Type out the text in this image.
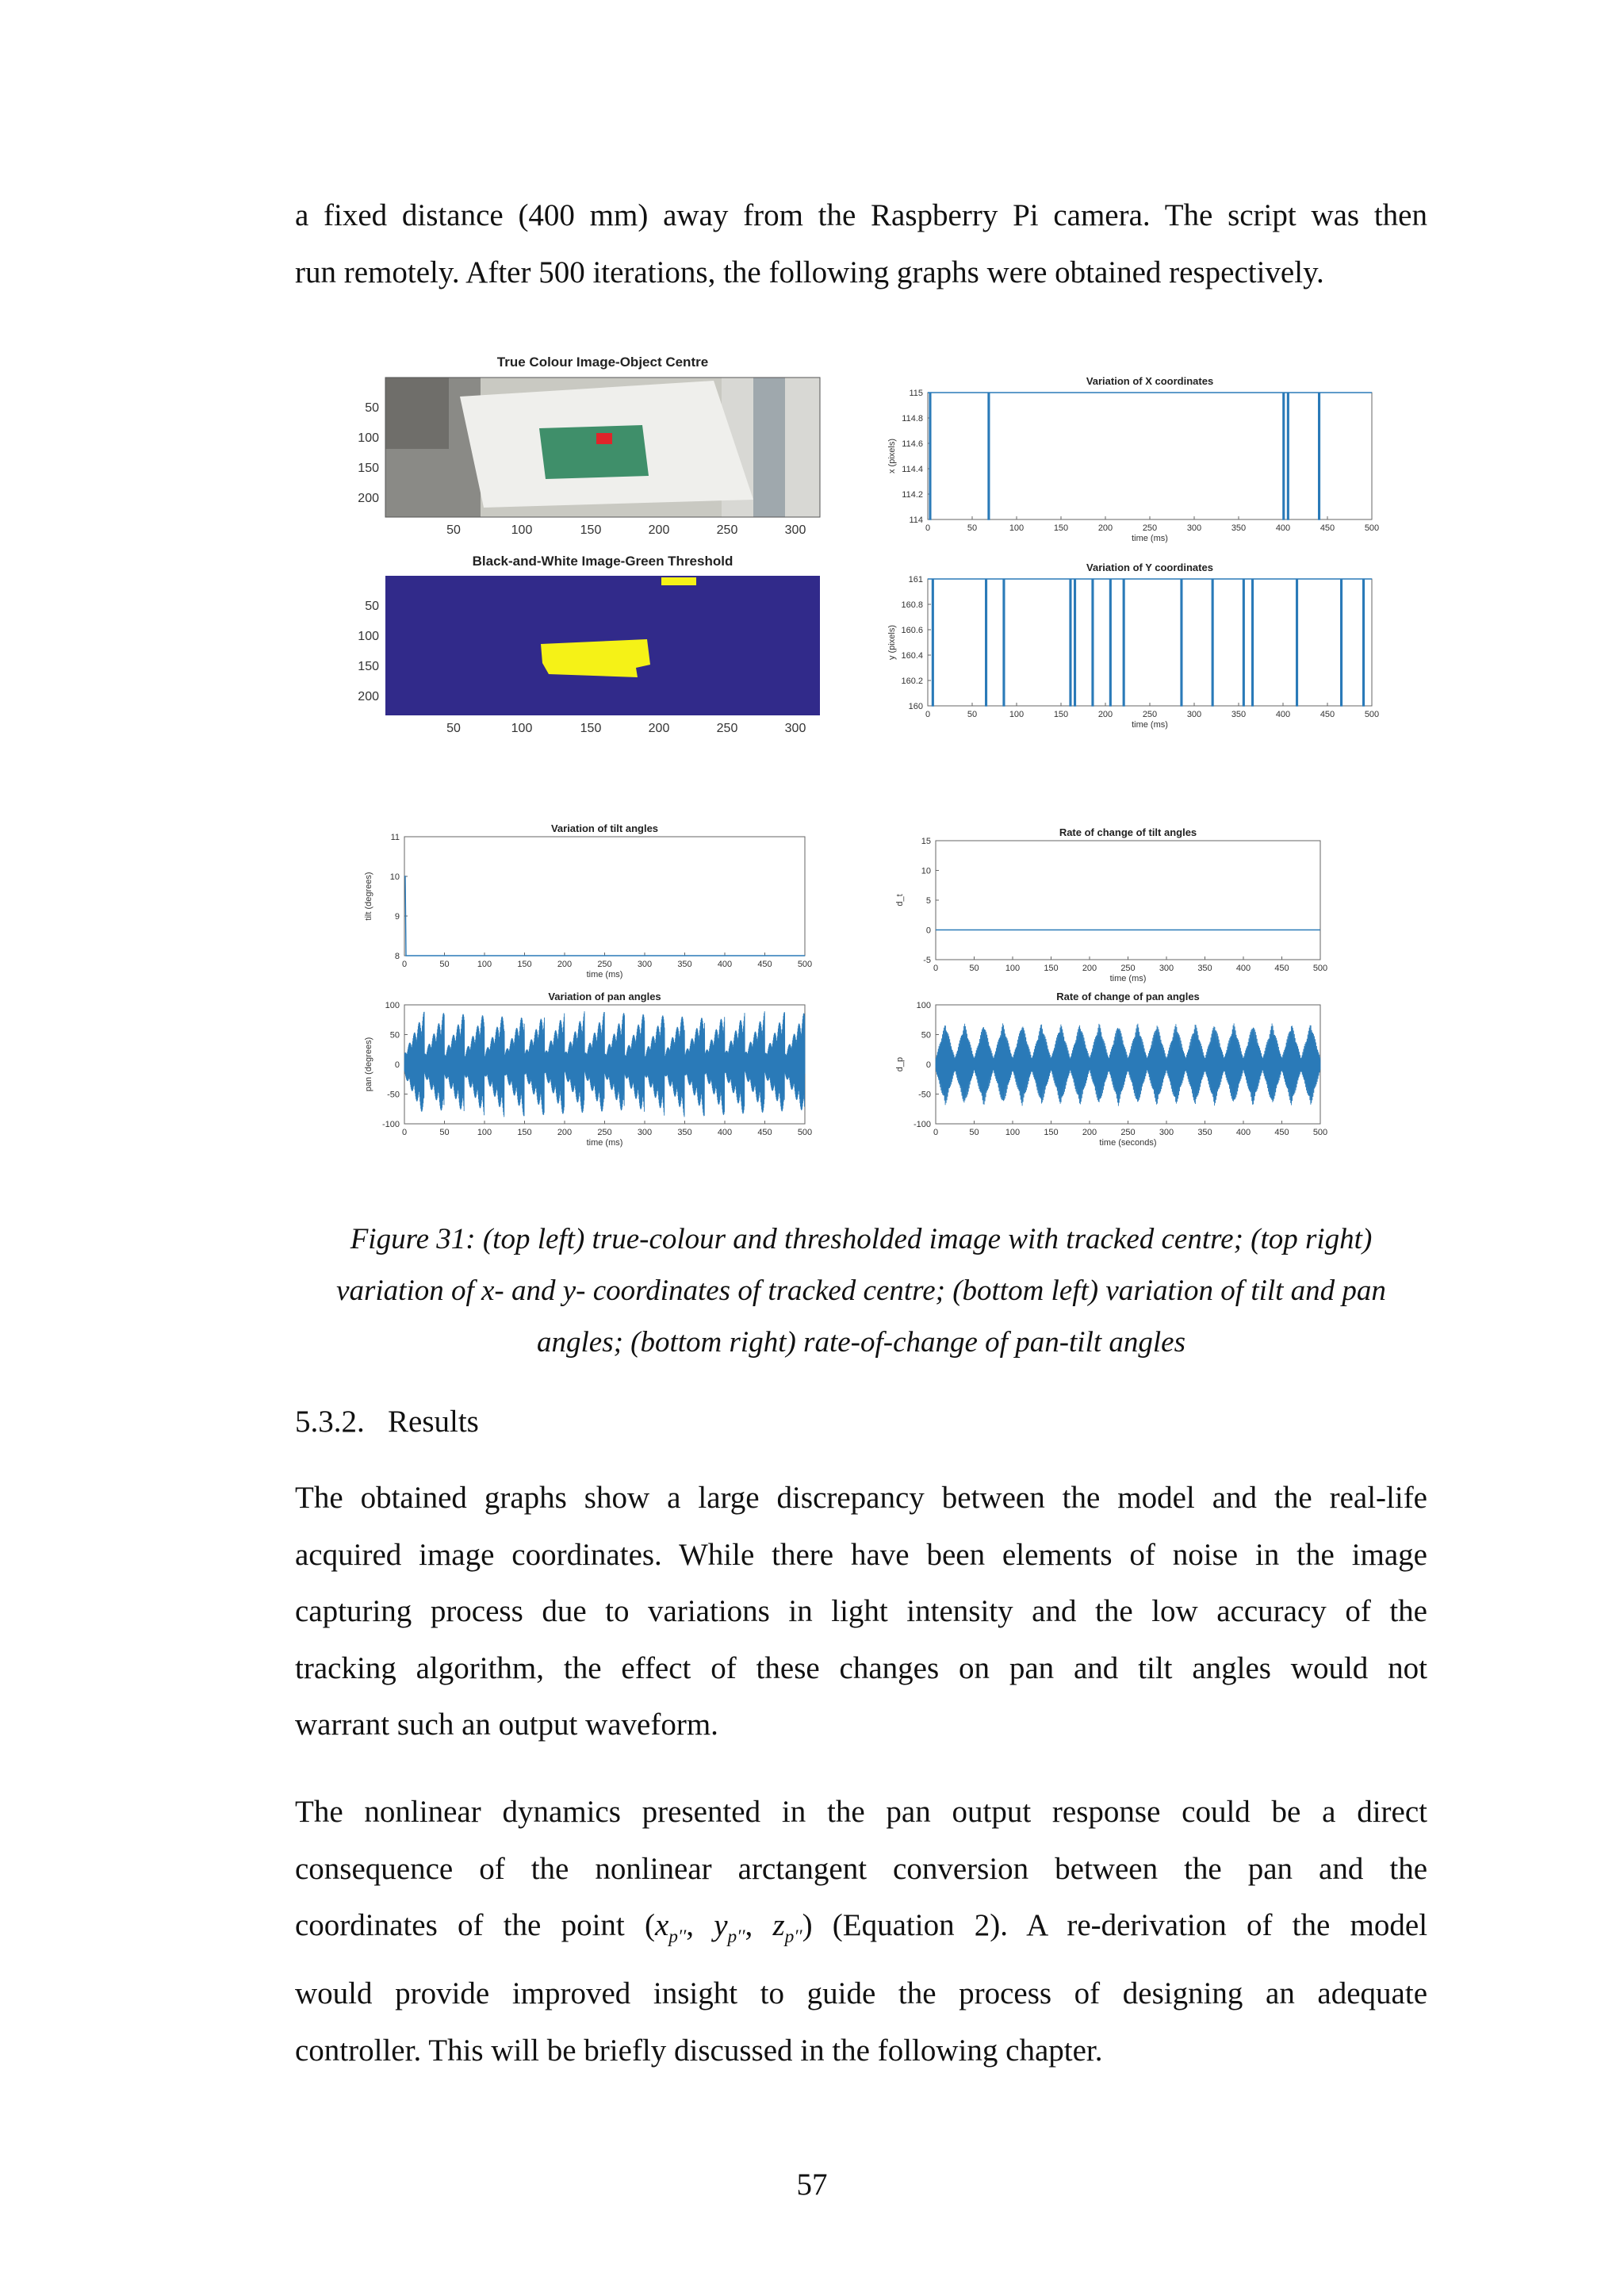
a fixed distance (400 mm) away from the Raspberry Pi camera. The script was then

run remotely. After 500 iterations, the following graphs were obtained respectively.

True Colour Image-Object Centre
50
100
150
200
50	100	150	200	250	300
Black-and-White Image-Green Threshold
50
100
150
200
50	100	150	200	250	300
Variation of X coordinates
0	50	100	150	200	250	300	350	400	450	500
114
114.2
114.4
114.6
114.8
115
time (ms)
x (pixels)
Variation of Y coordinates
0	50	100	150	200	250	300	350	400	450	500
160
160.2
160.4
160.6
160.8
161
time (ms)
y (pixels)
Variation of tilt angles
0	50	100	150	200	250	300	350	400	450	500
8
9
10
11
time (ms)
tilt (degrees)
Rate of change of tilt angles
0	50	100	150	200	250	300	350	400	450	500
-5
0
5
10
15
time (ms)
d_t
Variation of pan angles
0	50	100	150	200	250	300	350	400	450	500
-100
-50
0
50
100
time (ms)
pan (degrees)
Rate of change of pan angles
0	50	100	150	200	250	300	350	400	450	500
-100
-50
0
50
100
time (seconds)
d_p
Figure 31: (top left) true-colour and thresholded image with tracked centre; (top right)
variation of x- and y- coordinates of tracked centre; (bottom left) variation of tilt and pan
angles; (bottom right) rate-of-change of pan-tilt angles
5.3.2.   Results

The obtained graphs show a large discrepancy between the model and the real-life

acquired image coordinates. While there have been elements of noise in the image

capturing process due to variations in light intensity and the low accuracy of the

tracking algorithm, the effect of these changes on pan and tilt angles would not

warrant such an output waveform.

The nonlinear dynamics presented in the pan output response could be a direct

consequence of the nonlinear arctangent conversion between the pan and the

coordinates of the point ($x_{p''}$, $y_{p''}$, $z_{p''}$) (Equation 2). A re-derivation of the model

would provide improved insight to guide the process of designing an adequate

controller. This will be briefly discussed in the following chapter.

57
